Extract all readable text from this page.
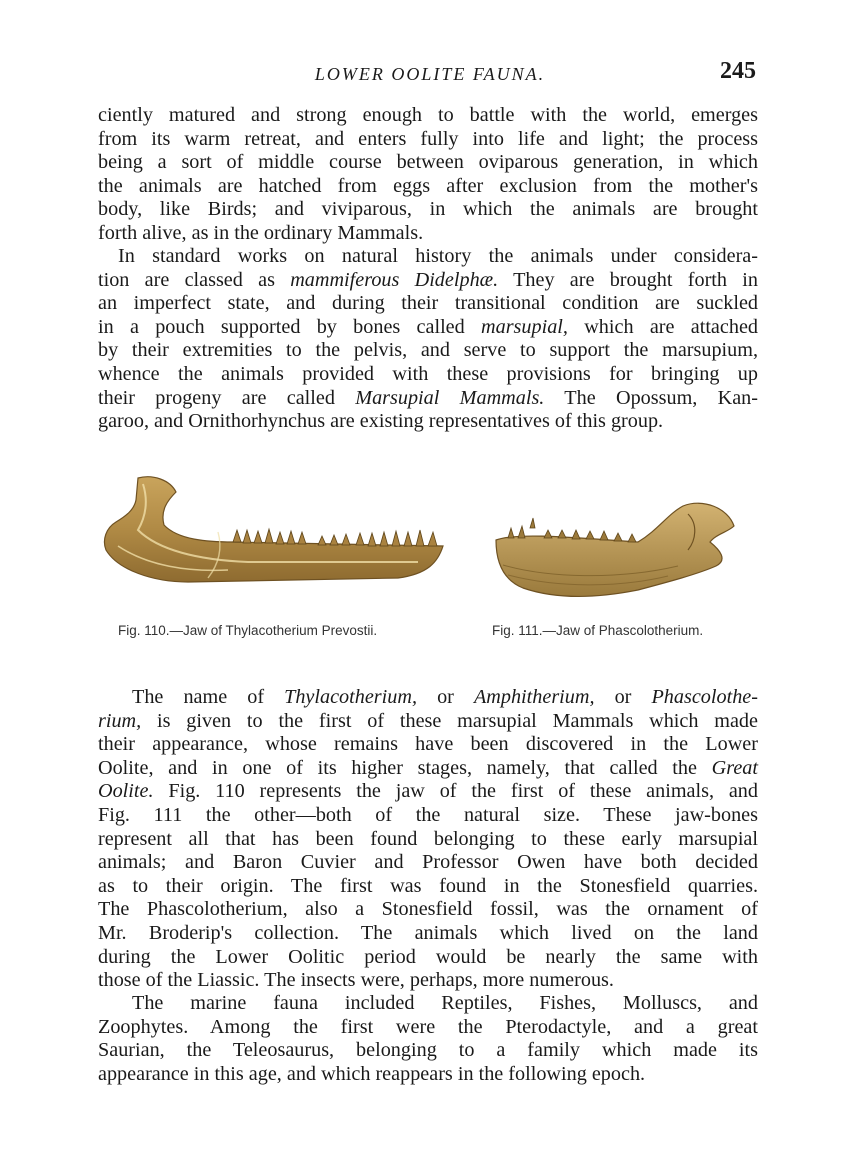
LOWER OOLITE FAUNA.	245
ciently matured and strong enough to battle with the world, emerges
from its warm retreat, and enters fully into life and light; the process
being a sort of middle course between oviparous generation, in which
the animals are hatched from eggs after exclusion from the mother's
body, like Birds; and viviparous, in which the animals are brought
forth alive, as in the ordinary Mammals.
In standard works on natural history the animals under considera-
tion are classed as mammiferous Didelphæ. They are brought forth in
an imperfect state, and during their transitional condition are suckled
in a pouch supported by bones called marsupial, which are attached
by their extremities to the pelvis, and serve to support the marsupium,
whence the animals provided with these provisions for bringing up
their progeny are called Marsupial Mammals. The Opossum, Kan-
garoo, and Ornithorhynchus are existing representatives of this group.
Fig. 110.—Jaw of Thylacotherium Prevostii.	Fig. 111.—Jaw of Phascolotherium.
The name of Thylacotherium, or Amphitherium, or Phascolothe-
rium, is given to the first of these marsupial Mammals which made
their appearance, whose remains have been discovered in the Lower
Oolite, and in one of its higher stages, namely, that called the Great
Oolite. Fig. 110 represents the jaw of the first of these animals, and
Fig. 111 the other—both of the natural size. These jaw-bones
represent all that has been found belonging to these early marsupial
animals; and Baron Cuvier and Professor Owen have both decided
as to their origin. The first was found in the Stonesfield quarries.
The Phascolotherium, also a Stonesfield fossil, was the ornament of
Mr. Broderip's collection. The animals which lived on the land
during the Lower Oolitic period would be nearly the same with
those of the Liassic. The insects were, perhaps, more numerous.
The marine fauna included Reptiles, Fishes, Molluscs, and
Zoophytes. Among the first were the Pterodactyle, and a great
Saurian, the Teleosaurus, belonging to a family which made its
appearance in this age, and which reappears in the following epoch.
